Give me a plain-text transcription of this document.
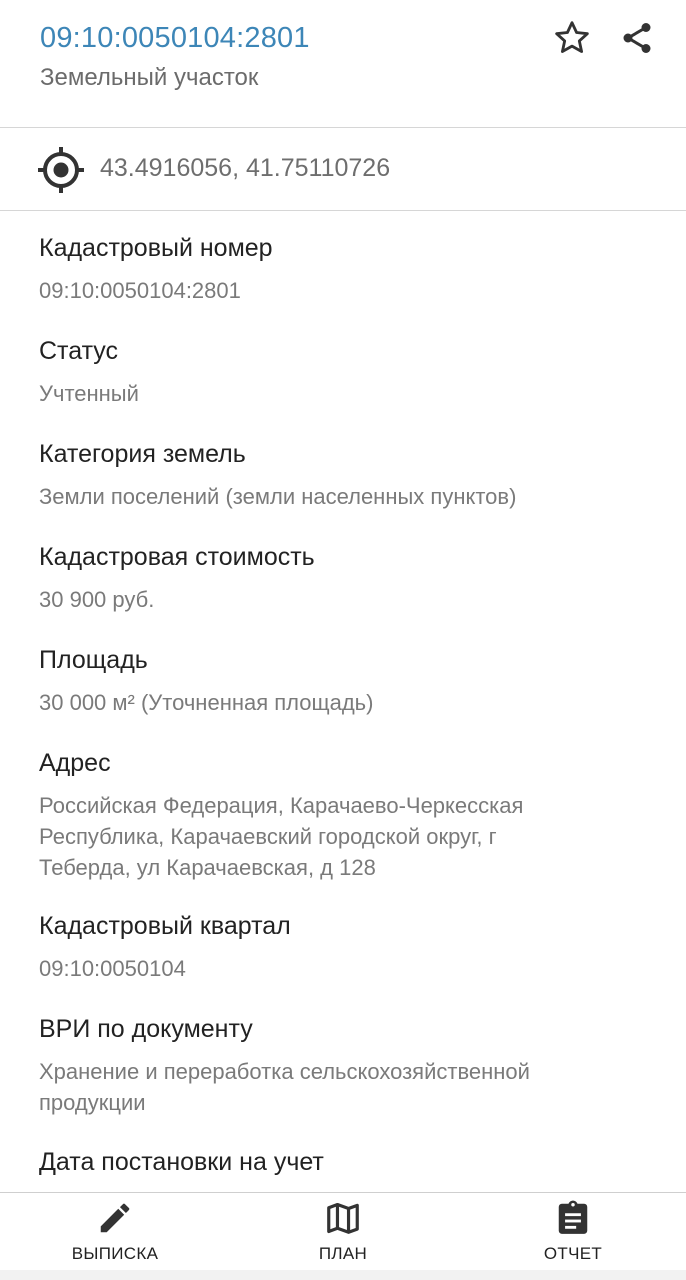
09:10:0050104:2801
Земельный участок
43.4916056, 41.75110726
Кадастровый номер
09:10:0050104:2801
Статус
Учтенный
Категория земель
Земли поселений (земли населенных пунктов)
Кадастровая стоимость
30 900 руб.
Площадь
30 000 м² (Уточненная площадь)
Адрес
Российская Федерация, Карачаево-Черкесская
Республика, Карачаевский городской округ, г
Теберда, ул Карачаевская, д 128
Кадастровый квартал
09:10:0050104
ВРИ по документу
Хранение и переработка сельскохозяйственной
продукции
Дата постановки на учет
ВЫПИСКА	ПЛАН	ОТЧЕТ
